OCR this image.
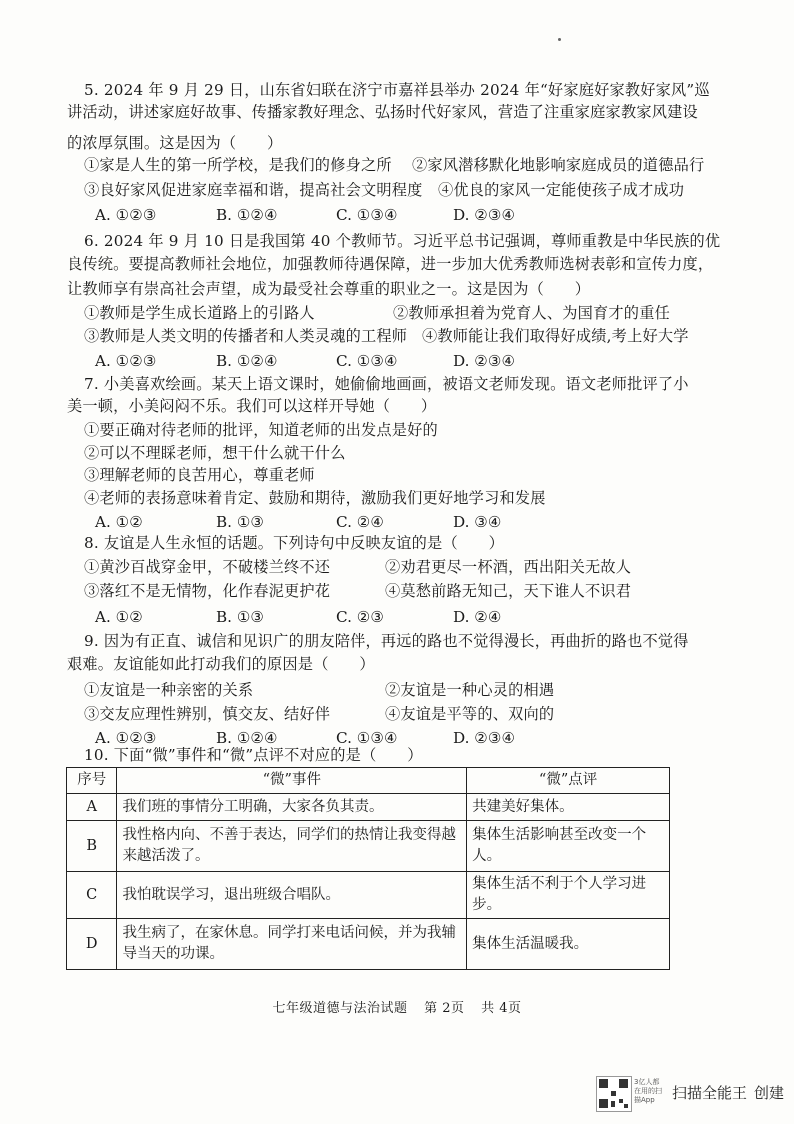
5. 2024 年 9 月 29 日，山东省妇联在济宁市嘉祥县举办 2024 年“好家庭好家教好家风”巡
讲活动，讲述家庭好故事、传播家教好理念、弘扬时代好家风，营造了注重家庭家教家风建设
的浓厚氛围。这是因为（　　）
①家是人生的第一所学校，是我们的修身之所 ②家风潜移默化地影响家庭成员的道德品行
③良好家风促进家庭幸福和谐，提高社会文明程度 ④优良的家风一定能使孩子成才成功
A. ①②③	B. ①②④	C. ①③④	D. ②③④
6. 2024 年 9 月 10 日是我国第 40 个教师节。习近平总书记强调，尊师重教是中华民族的优
良传统。要提高教师社会地位，加强教师待遇保障，进一步加大优秀教师选树表彰和宣传力度，
让教师享有崇高社会声望，成为最受社会尊重的职业之一。这是因为（　　）
①教师是学生成长道路上的引路人	②教师承担着为党育人、为国育才的重任
③教师是人类文明的传播者和人类灵魂的工程师 ④教师能让我们取得好成绩,考上好大学
A. ①②③	B. ①②④	C. ①③④	D. ②③④
7. 小美喜欢绘画。某天上语文课时，她偷偷地画画，被语文老师发现。语文老师批评了小
美一顿，小美闷闷不乐。我们可以这样开导她（　　）
①要正确对待老师的批评，知道老师的出发点是好的
②可以不理睬老师，想干什么就干什么
③理解老师的良苦用心，尊重老师
④老师的表扬意味着肯定、鼓励和期待，激励我们更好地学习和发展
A. ①②	B. ①③	C. ②④	D. ③④
8. 友谊是人生永恒的话题。下列诗句中反映友谊的是（　　）
①黄沙百战穿金甲，不破楼兰终不还	②劝君更尽一杯酒，西出阳关无故人
③落红不是无情物，化作春泥更护花	④莫愁前路无知己，天下谁人不识君
A. ①②	B. ①③	C. ②③	D. ②④
9. 因为有正直、诚信和见识广的朋友陪伴，再远的路也不觉得漫长，再曲折的路也不觉得
艰难。友谊能如此打动我们的原因是（　　）
①友谊是一种亲密的关系	②友谊是一种心灵的相遇
③交友应理性辨别，慎交友、结好伴	④友谊是平等的、双向的
A. ①②③	B. ①②④	C. ①③④	D. ②③④
10. 下面“微”事件和“微”点评不对应的是（　　）
序号	“微”事件	“微”点评
A	我们班的事情分工明确，大家各负其责。	共建美好集体。
B	我性格内向、不善于表达，同学们的热情让我变得越来越活泼了。	集体生活影响甚至改变一个人。
C	我怕耽误学习，退出班级合唱队。	集体生活不利于个人学习进步。
D	我生病了，在家休息。同学打来电话问候，并为我辅导当天的功课。	集体生活温暖我。
七年级道德与法治试题 第 2页 共 4页
3亿人都在用的扫描App	扫描全能王 创建
